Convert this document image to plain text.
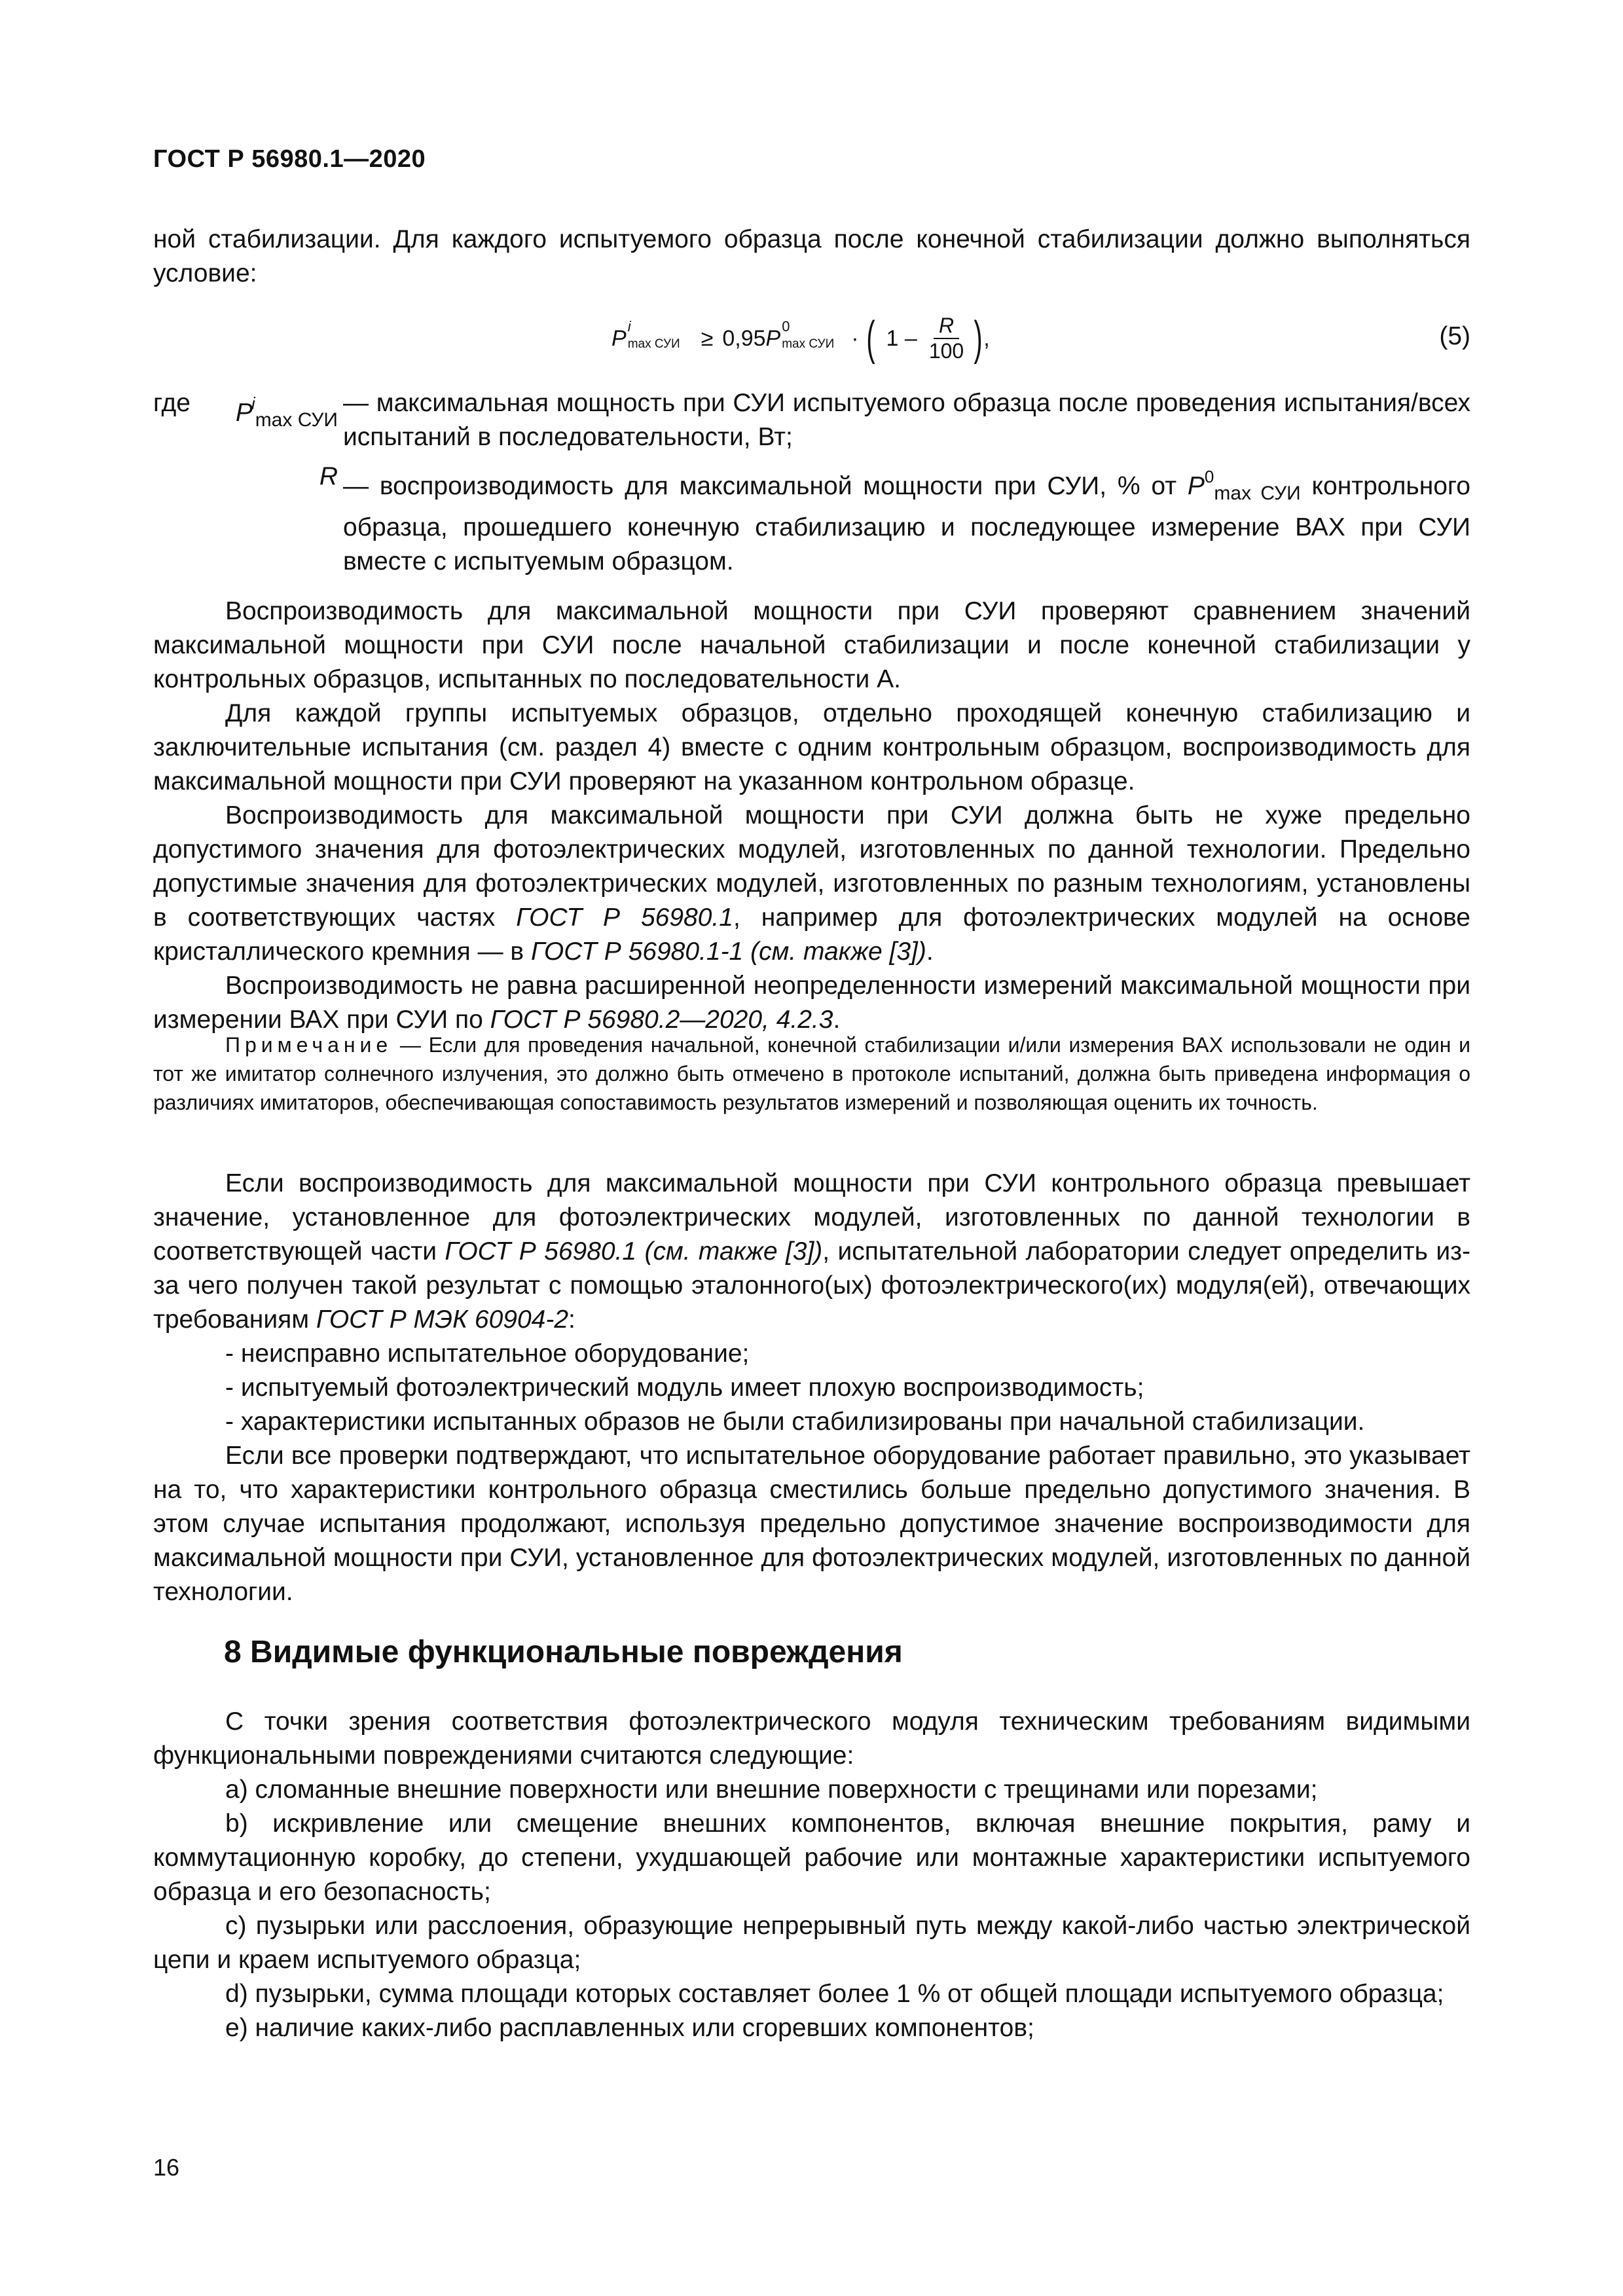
ГОСТ Р 56980.1—2020

ной стабилизации. Для каждого испытуемого образца после конечной стабилизации должно выполняться условие:

P i
max СУИ ≥ 0,95 P 0
max СУИ · ( $1 - \frac{R}{100}$ ) ,	(5)
где $P^i_{max СУИ}$
— максимальная мощность при СУИ испытуемого образца после проведения испытания/всех испытаний в последовательности, Вт;
R — воспроизводимость для максимальной мощности при СУИ, % от $P^0_{max СУИ}$ контрольного образца, прошедшего конечную стабилизацию и последующее измерение ВАХ при СУИ вместе с испытуемым образцом.

Воспроизводимость для максимальной мощности при СУИ проверяют сравнением значений максимальной мощности при СУИ после начальной стабилизации и после конечной стабилизации у контрольных образцов, испытанных по последовательности А.

Для каждой группы испытуемых образцов, отдельно проходящей конечную стабилизацию и заключительные испытания (см. раздел 4) вместе с одним контрольным образцом, воспроизводимость для максимальной мощности при СУИ проверяют на указанном контрольном образце.

Воспроизводимость для максимальной мощности при СУИ должна быть не хуже предельно допустимого значения для фотоэлектрических модулей, изготовленных по данной технологии. Предельно допустимые значения для фотоэлектрических модулей, изготовленных по разным технологиям, установлены в соответствующих частях ГОСТ Р 56980.1, например для фотоэлектрических модулей на основе кристаллического кремния — в ГОСТ Р 56980.1-1 (см. также [3]).

Воспроизводимость не равна расширенной неопределенности измерений максимальной мощности при измерении ВАХ при СУИ по ГОСТ Р 56980.2—2020, 4.2.3.

Примечание — Если для проведения начальной, конечной стабилизации и/или измерения ВАХ использовали не один и тот же имитатор солнечного излучения, это должно быть отмечено в протоколе испытаний, должна быть приведена информация о различиях имитаторов, обеспечивающая сопоставимость результатов измерений и позволяющая оценить их точность.

Если воспроизводимость для максимальной мощности при СУИ контрольного образца превышает значение, установленное для фотоэлектрических модулей, изготовленных по данной технологии в соответствующей части ГОСТ Р 56980.1 (см. также [3]), испытательной лаборатории следует определить из-за чего получен такой результат с помощью эталонного(ых) фотоэлектрического(их) модуля(ей), отвечающих требованиям ГОСТ Р МЭК 60904-2:

- неисправно испытательное оборудование;

- испытуемый фотоэлектрический модуль имеет плохую воспроизводимость;

- характеристики испытанных образов не были стабилизированы при начальной стабилизации.

Если все проверки подтверждают, что испытательное оборудование работает правильно, это указывает на то, что характеристики контрольного образца сместились больше предельно допустимого значения. В этом случае испытания продолжают, используя предельно допустимое значение воспроизводимости для максимальной мощности при СУИ, установленное для фотоэлектрических модулей, изготовленных по данной технологии.

8 Видимые функциональные повреждения

С точки зрения соответствия фотоэлектрического модуля техническим требованиям видимыми функциональными повреждениями считаются следующие:

a) сломанные внешние поверхности или внешние поверхности с трещинами или порезами;

b) искривление или смещение внешних компонентов, включая внешние покрытия, раму и коммутационную коробку, до степени, ухудшающей рабочие или монтажные характеристики испытуемого образца и его безопасность;

c) пузырьки или расслоения, образующие непрерывный путь между какой-либо частью электрической цепи и краем испытуемого образца;

d) пузырьки, сумма площади которых составляет более 1 % от общей площади испытуемого образца;

e) наличие каких-либо расплавленных или сгоревших компонентов;

16
